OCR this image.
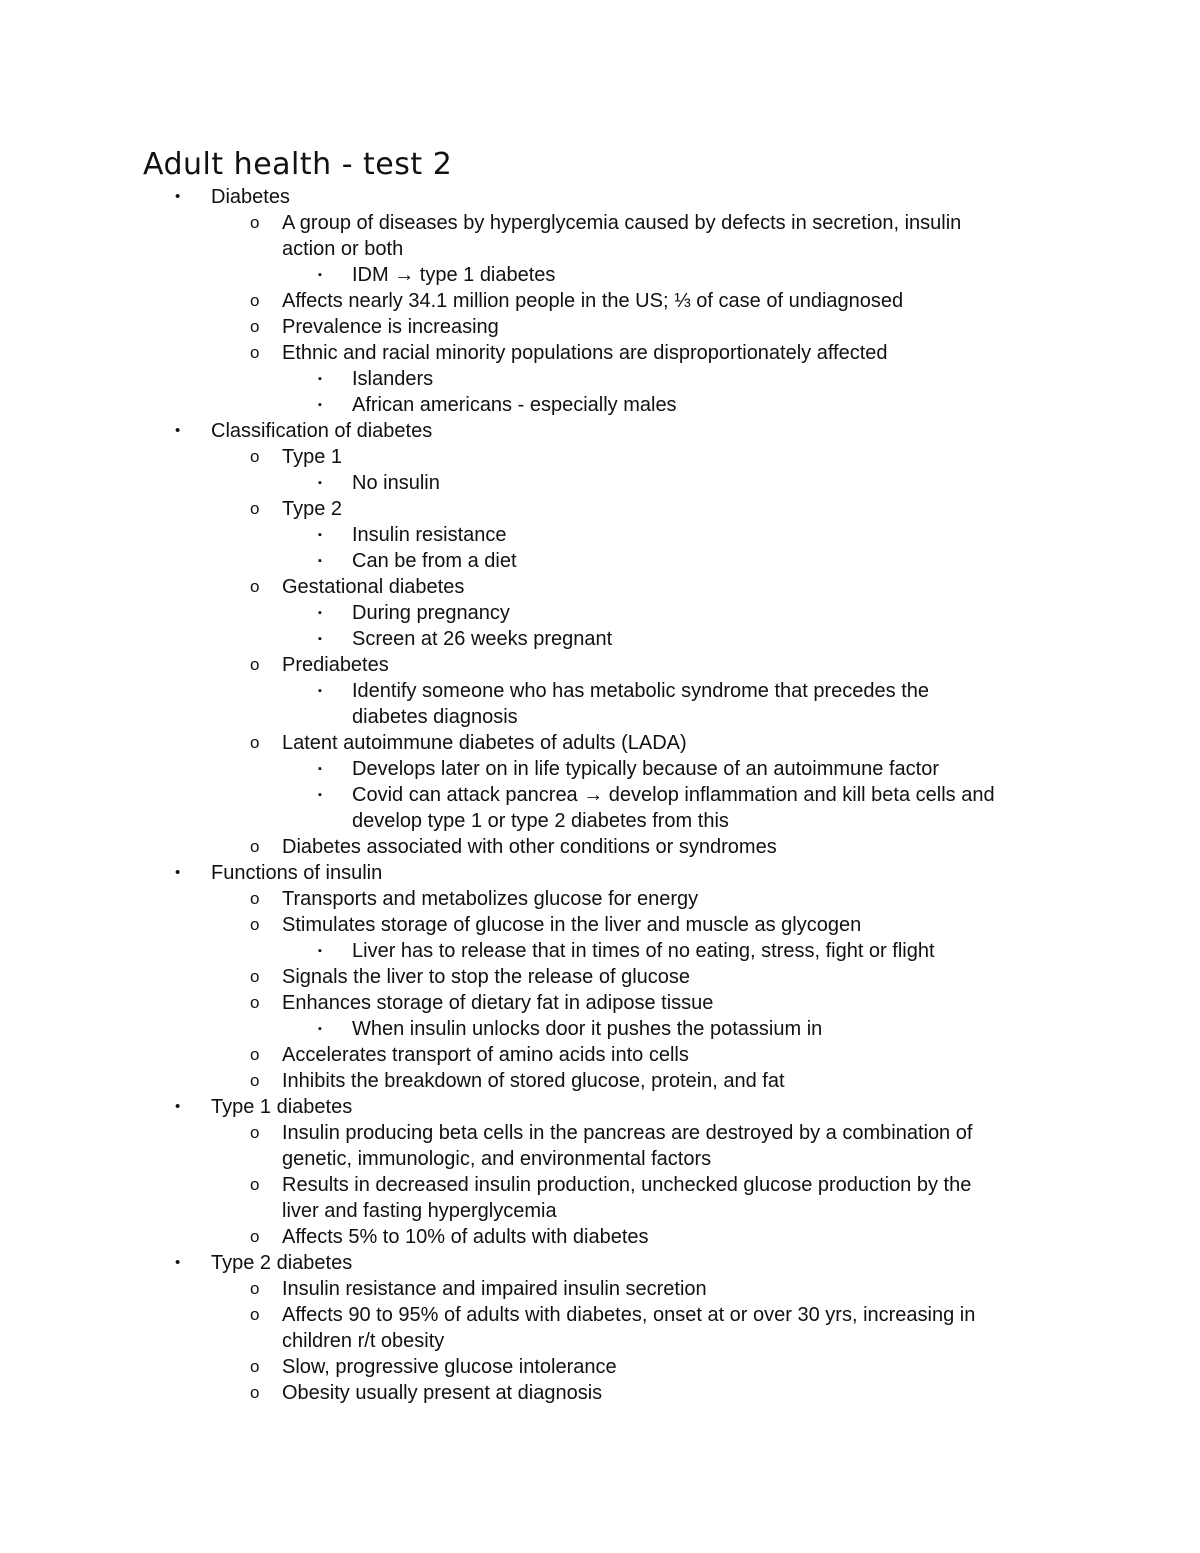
Adult health - test 2
•	Diabetes
o	A group of diseases by hyperglycemia caused by defects in secretion, insulin
action or both
▪	IDM → type 1 diabetes
o	Affects nearly 34.1 million people in the US; ⅓ of case of undiagnosed
o	Prevalence is increasing
o	Ethnic and racial minority populations are disproportionately affected
▪	Islanders
▪	African americans - especially males
•	Classification of diabetes
o	Type 1
▪	No insulin
o	Type 2
▪	Insulin resistance
▪	Can be from a diet
o	Gestational diabetes
▪	During pregnancy
▪	Screen at 26 weeks pregnant
o	Prediabetes
▪	Identify someone who has metabolic syndrome that precedes the
diabetes diagnosis
o	Latent autoimmune diabetes of adults (LADA)
▪	Develops later on in life typically because of an autoimmune factor
▪	Covid can attack pancrea → develop inflammation and kill beta cells and
develop type 1 or type 2 diabetes from this
o	Diabetes associated with other conditions or syndromes
•	Functions of insulin
o	Transports and metabolizes glucose for energy
o	Stimulates storage of glucose in the liver and muscle as glycogen
▪	Liver has to release that in times of no eating, stress, fight or flight
o	Signals the liver to stop the release of glucose
o	Enhances storage of dietary fat in adipose tissue
▪	When insulin unlocks door it pushes the potassium in
o	Accelerates transport of amino acids into cells
o	Inhibits the breakdown of stored glucose, protein, and fat
•	Type 1 diabetes
o	Insulin producing beta cells in the pancreas are destroyed by a combination of
genetic, immunologic, and environmental factors
o	Results in decreased insulin production, unchecked glucose production by the
liver and fasting hyperglycemia
o	Affects 5% to 10% of adults with diabetes
•	Type 2 diabetes
o	Insulin resistance and impaired insulin secretion
o	Affects 90 to 95% of adults with diabetes, onset at or over 30 yrs, increasing in
children r/t obesity
o	Slow, progressive glucose intolerance
o	Obesity usually present at diagnosis
